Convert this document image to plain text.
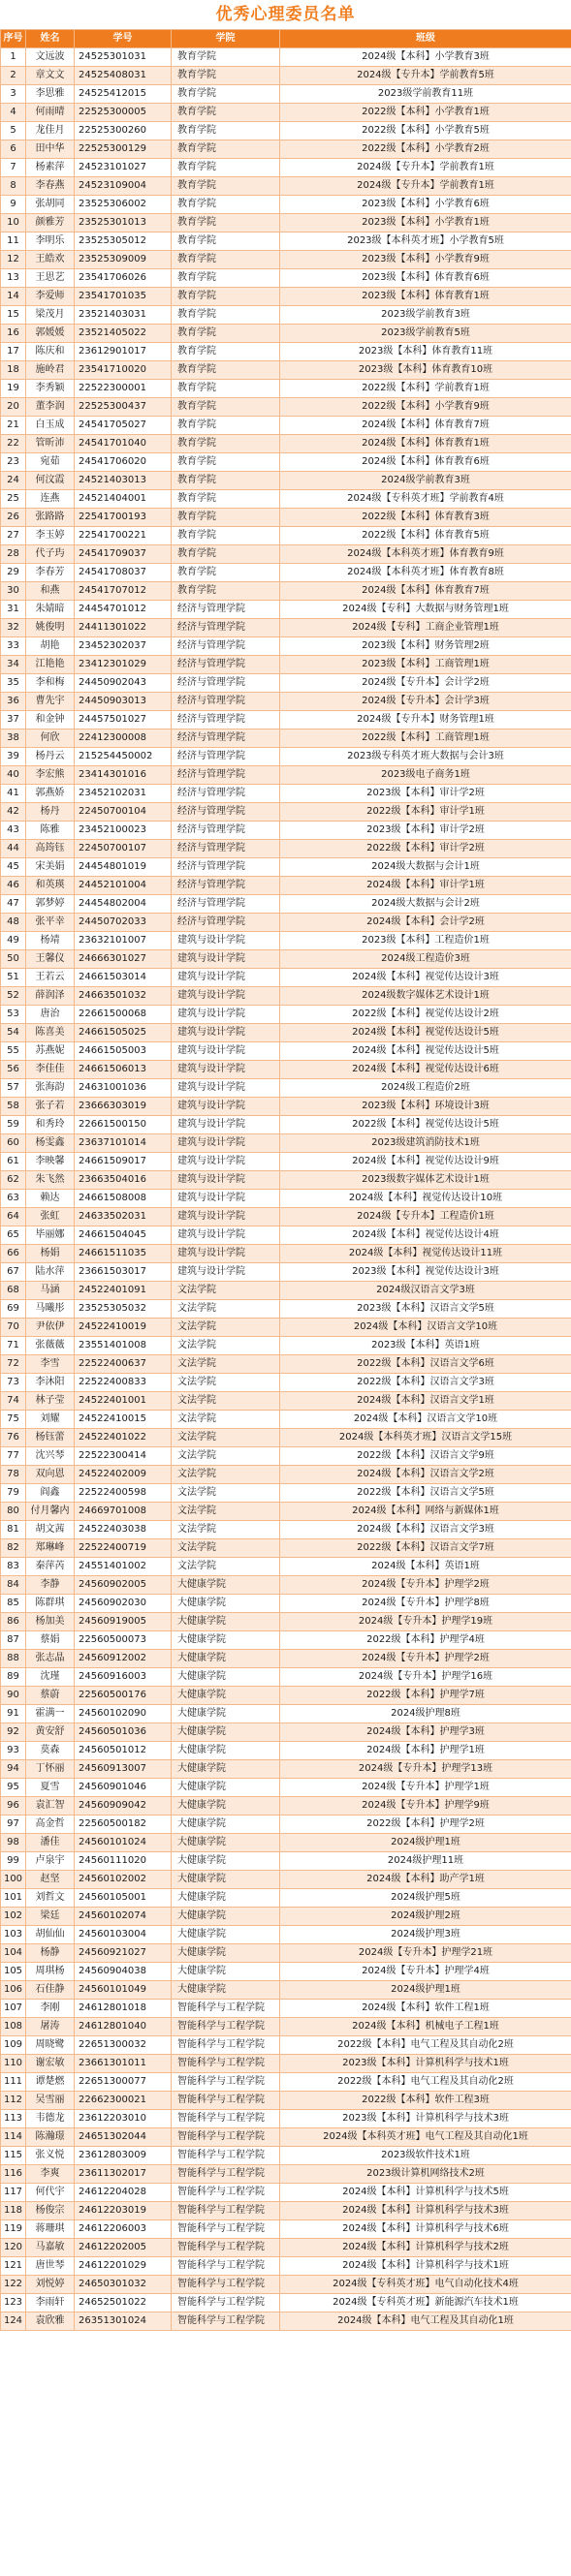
优秀心理委员名单
序号	姓名	学号	学院	班级
1	文远波	24525301031	教育学院	2024级【本科】小学教育3班
2	章文文	24525408031	教育学院	2024级【专升本】学前教育5班
3	李思雅	24525412015	教育学院	2023级学前教育11班
4	何雨晴	22525300005	教育学院	2022级【本科】小学教育1班
5	龙佳月	22525300260	教育学院	2022级【本科】小学教育5班
6	田中华	22525300129	教育学院	2022级【本科】小学教育2班
7	杨素萍	24523101027	教育学院	2024级【专升本】学前教育1班
8	李春燕	24523109004	教育学院	2024级【专升本】学前教育1班
9	张胡同	23525306002	教育学院	2023级【本科】小学教育6班
10	颜雅芳	23525301013	教育学院	2023级【本科】小学教育1班
11	李明乐	23525305012	教育学院	2023级【本科英才班】小学教育5班
12	王皓欢	23525309009	教育学院	2023级【本科】小学教育9班
13	王思艺	23541706026	教育学院	2023级【本科】体育教育6班
14	李爱师	23541701035	教育学院	2023级【本科】体育教育1班
15	梁茂月	23521403031	教育学院	2023级学前教育3班
16	郭媛媛	23521405022	教育学院	2023级学前教育5班
17	陈庆和	23612901017	教育学院	2023级【本科】体育教育11班
18	施岭君	23541710020	教育学院	2023级【本科】体育教育10班
19	李秀颖	22522300001	教育学院	2022级【本科】学前教育1班
20	董李润	22525300437	教育学院	2022级【本科】小学教育9班
21	白玉成	24541705027	教育学院	2024级【本科】体育教育7班
22	管昕沛	24541701040	教育学院	2024级【本科】体育教育1班
23	宛茹	24541706020	教育学院	2024级【本科】体育教育6班
24	何汶霞	24521403013	教育学院	2024级学前教育3班
25	连燕	24521404001	教育学院	2024级【专科英才班】学前教育4班
26	张路路	22541700193	教育学院	2022级【本科】体育教育3班
27	李玉婷	22541700221	教育学院	2022级【本科】体育教育5班
28	代子玙	24541709037	教育学院	2024级【本科英才班】体育教育9班
29	李春芳	24541708037	教育学院	2024级【本科英才班】体育教育8班
30	和燕	24541707012	教育学院	2024级【本科】体育教育7班
31	朱婧暗	24454701012	经济与管理学院	2024级【专科】大数据与财务管理1班
32	姚俊明	24411301022	经济与管理学院	2024级【专科】工商企业管理1班
33	胡艳	23452302037	经济与管理学院	2023级【本科】财务管理2班
34	江艳艳	23412301029	经济与管理学院	2023级【本科】工商管理1班
35	李和梅	24450902043	经济与管理学院	2024级【专升本】会计学2班
36	曹先宇	24450903013	经济与管理学院	2024级【专升本】会计学3班
37	和金钟	24457501027	经济与管理学院	2024级【专升本】财务管理1班
38	何欣	22412300008	经济与管理学院	2022级【本科】工商管理1班
39	杨丹云	215254450002	经济与管理学院	2023级专科英才班大数据与会计3班
40	李宏熊	23414301016	经济与管理学院	2023级电子商务1班
41	郭燕娇	23452102031	经济与管理学院	2023级【本科】审计学2班
42	杨丹	22450700104	经济与管理学院	2022级【本科】审计学1班
43	陈雅	23452100023	经济与管理学院	2023级【本科】审计学2班
44	高筠钰	22450700107	经济与管理学院	2022级【本科】审计学2班
45	宋美娟	24454801019	经济与管理学院	2024级大数据与会计1班
46	和英瑛	24452101004	经济与管理学院	2024级【本科】审计学1班
47	郭梦婷	24454802004	经济与管理学院	2024级大数据与会计2班
48	张平幸	24450702033	经济与管理学院	2024级【本科】会计学2班
49	杨靖	23632101007	建筑与设计学院	2023级【本科】工程造价1班
50	王馨仪	24666301027	建筑与设计学院	2024级工程造价3班
51	王若云	24661503014	建筑与设计学院	2024级【本科】视觉传达设计3班
52	薛润泽	24663501032	建筑与设计学院	2024级数字媒体艺术设计1班
53	唐治	22661500068	建筑与设计学院	2022级【本科】视觉传达设计2班
54	陈喜美	24661505025	建筑与设计学院	2024级【本科】视觉传达设计5班
55	苏燕妮	24661505003	建筑与设计学院	2024级【本科】视觉传达设计5班
56	李佳佳	24661506013	建筑与设计学院	2024级【本科】视觉传达设计6班
57	张海韵	24631001036	建筑与设计学院	2024级工程造价2班
58	张子若	23666303019	建筑与设计学院	2023级【本科】环境设计3班
59	和秀玲	22661500150	建筑与设计学院	2022级【本科】视觉传达设计5班
60	杨雯鑫	23637101014	建筑与设计学院	2023级建筑消防技术1班
61	李映馨	24661509017	建筑与设计学院	2024级【本科】视觉传达设计9班
62	朱飞然	23663504016	建筑与设计学院	2023级数字媒体艺术设计1班
63	赖达	24661508008	建筑与设计学院	2024级【本科】视觉传达设计10班
64	张虹	24633502031	建筑与设计学院	2024级【专升本】工程造价1班
65	毕丽娜	24661504045	建筑与设计学院	2024级【本科】视觉传达设计4班
66	杨娟	24661511035	建筑与设计学院	2024级【本科】视觉传达设计11班
67	陆水萍	23661503017	建筑与设计学院	2023级【本科】视觉传达设计3班
68	马涵	24522401091	文法学院	2024级汉语言文学3班
69	马曦彤	23525305032	文法学院	2023级【本科】汉语言文学5班
70	尹依伊	24522410019	文法学院	2024级【本科】汉语言文学10班
71	张薇薇	23551401008	文法学院	2023级【本科】英语1班
72	李雪	22522400637	文法学院	2022级【本科】汉语言文学6班
73	李沐阳	22522400833	文法学院	2022级【本科】汉语言文学3班
74	林子莹	24522401001	文法学院	2024级【本科】汉语言文学1班
75	刘耀	24522410015	文法学院	2024级【本科】汉语言文学10班
76	杨钰蕾	24522401022	文法学院	2024级【本科英才班】汉语言文学15班
77	沈兴琴	22522300414	文法学院	2022级【本科】汉语言文学9班
78	双向恩	24522402009	文法学院	2024级【本科】汉语言文学2班
79	阎鑫	22522400598	文法学院	2022级【本科】汉语言文学5班
80	付月馨内	24669701008	文法学院	2024级【本科】网络与新媒体1班
81	胡文茜	24522403038	文法学院	2024级【本科】汉语言文学3班
82	郑琳峰	22522400719	文法学院	2022级【本科】汉语言文学7班
83	秦萍芮	24551401002	文法学院	2024级【本科】英语1班
84	李静	24560902005	大健康学院	2024级【专升本】护理学2班
85	陈群琪	24560902030	大健康学院	2024级【专升本】护理学8班
86	杨加美	24560919005	大健康学院	2024级【专升本】护理学19班
87	蔡娟	22560500073	大健康学院	2022级【本科】护理学4班
88	张志晶	24560912002	大健康学院	2024级【专升本】护理学2班
89	沈瑾	24560916003	大健康学院	2024级【专升本】护理学16班
90	蔡蔚	22560500176	大健康学院	2022级【本科】护理学7班
91	霍满一	24560102090	大健康学院	2024级护理8班
92	黄安舒	24560501036	大健康学院	2024级【本科】护理学3班
93	莫森	24560501012	大健康学院	2024级【本科】护理学1班
94	丁怀丽	24560913007	大健康学院	2024级【专升本】护理学13班
95	夏雪	24560901046	大健康学院	2024级【专升本】护理学1班
96	袁汇智	24560909042	大健康学院	2024级【专升本】护理学9班
97	高金哲	22560500182	大健康学院	2022级【本科】护理学2班
98	潘佳	24560101024	大健康学院	2024级护理1班
99	卢泉宇	24560111020	大健康学院	2024级护理11班
100	赵坚	24560102002	大健康学院	2024级【本科】助产学1班
101	刘哲文	24560105001	大健康学院	2024级护理5班
102	梁廷	24560102074	大健康学院	2024级护理2班
103	胡仙仙	24560103004	大健康学院	2024级护理3班
104	杨静	24560921027	大健康学院	2024级【专升本】护理学21班
105	周琪杨	24560904038	大健康学院	2024级【专升本】护理学4班
106	石佳静	24560101049	大健康学院	2024级护理1班
107	李刚	24612801018	智能科学与工程学院	2024级【本科】软件工程1班
108	屠涛	24612801040	智能科学与工程学院	2024级【本科】机械电子工程1班
109	周晓鹭	22651300032	智能科学与工程学院	2022级【本科】电气工程及其自动化2班
110	谢宏敏	23661301011	智能科学与工程学院	2023级【本科】计算机科学与技术1班
111	谭楚燃	22651300077	智能科学与工程学院	2022级【本科】电气工程及其自动化2班
112	吴雪丽	22662300021	智能科学与工程学院	2022级【本科】软件工程3班
113	韦德龙	23612203010	智能科学与工程学院	2023级【本科】计算机科学与技术3班
114	陈瀚璟	24651302044	智能科学与工程学院	2024级【本科英才班】电气工程及其自动化1班
115	张义悦	23612803009	智能科学与工程学院	2023级软件技术1班
116	李爽	23611302017	智能科学与工程学院	2023级计算机网络技术2班
117	何代宇	24612204028	智能科学与工程学院	2024级【本科】计算机科学与技术5班
118	杨俊宗	24612203019	智能科学与工程学院	2024级【本科】计算机科学与技术3班
119	蒋珊琪	24612206003	智能科学与工程学院	2024级【本科】计算机科学与技术6班
120	马嘉敏	24612202005	智能科学与工程学院	2024级【本科】计算机科学与技术2班
121	唐世琴	24612201029	智能科学与工程学院	2024级【本科】计算机科学与技术1班
122	刘悦婷	24650301032	智能科学与工程学院	2024级【专科英才班】电气自动化技术4班
123	李雨轩	24652501022	智能科学与工程学院	2024级【专科英才班】新能源汽车技术1班
124	袁欣雅	26351301024	智能科学与工程学院	2024级【本科】电气工程及其自动化1班
